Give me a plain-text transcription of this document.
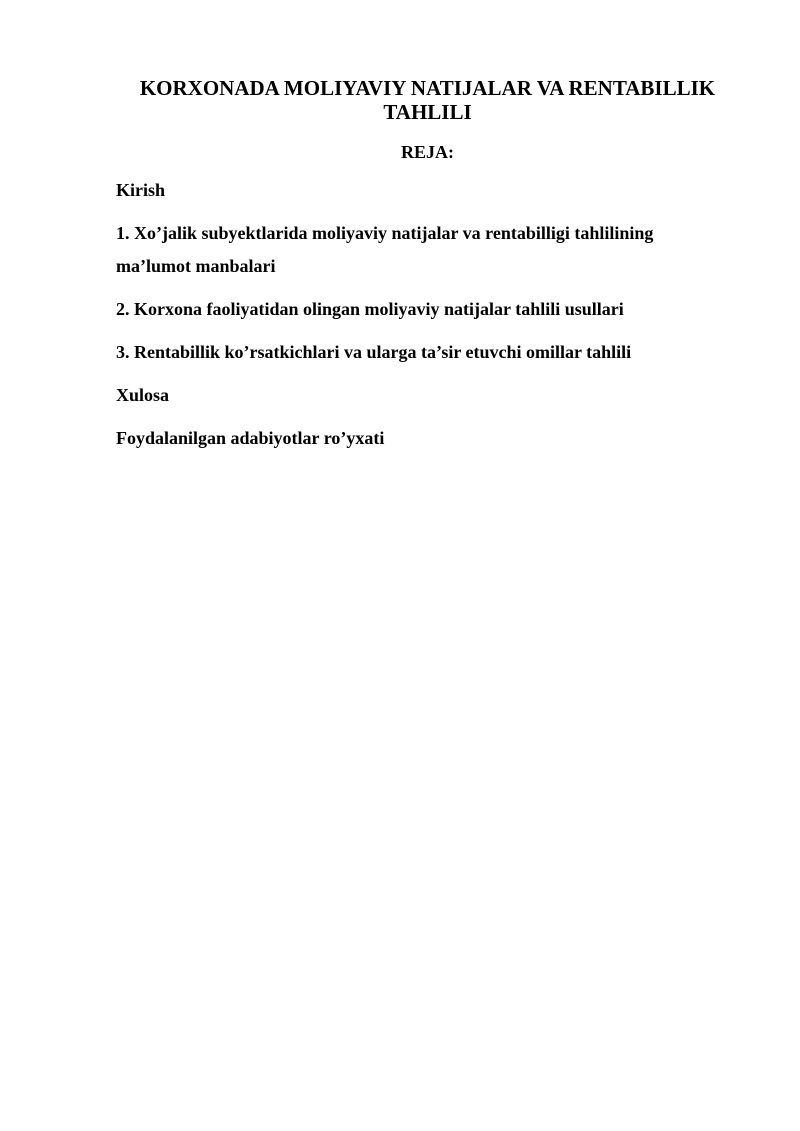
KORXONADA MOLIYAVIY NATIJALAR VA RENTABILLIK TAHLILI
REJA:
Kirish
1. Xo’jalik subyektlarida moliyaviy natijalar va rentabilligi tahlilining ma’lumot manbalari
2. Korxona faoliyatidan olingan moliyaviy natijalar tahlili usullari
3. Rentabillik ko’rsatkichlari va ularga ta’sir etuvchi omillar tahlili
Xulosa
Foydalanilgan adabiyotlar ro’yxati
